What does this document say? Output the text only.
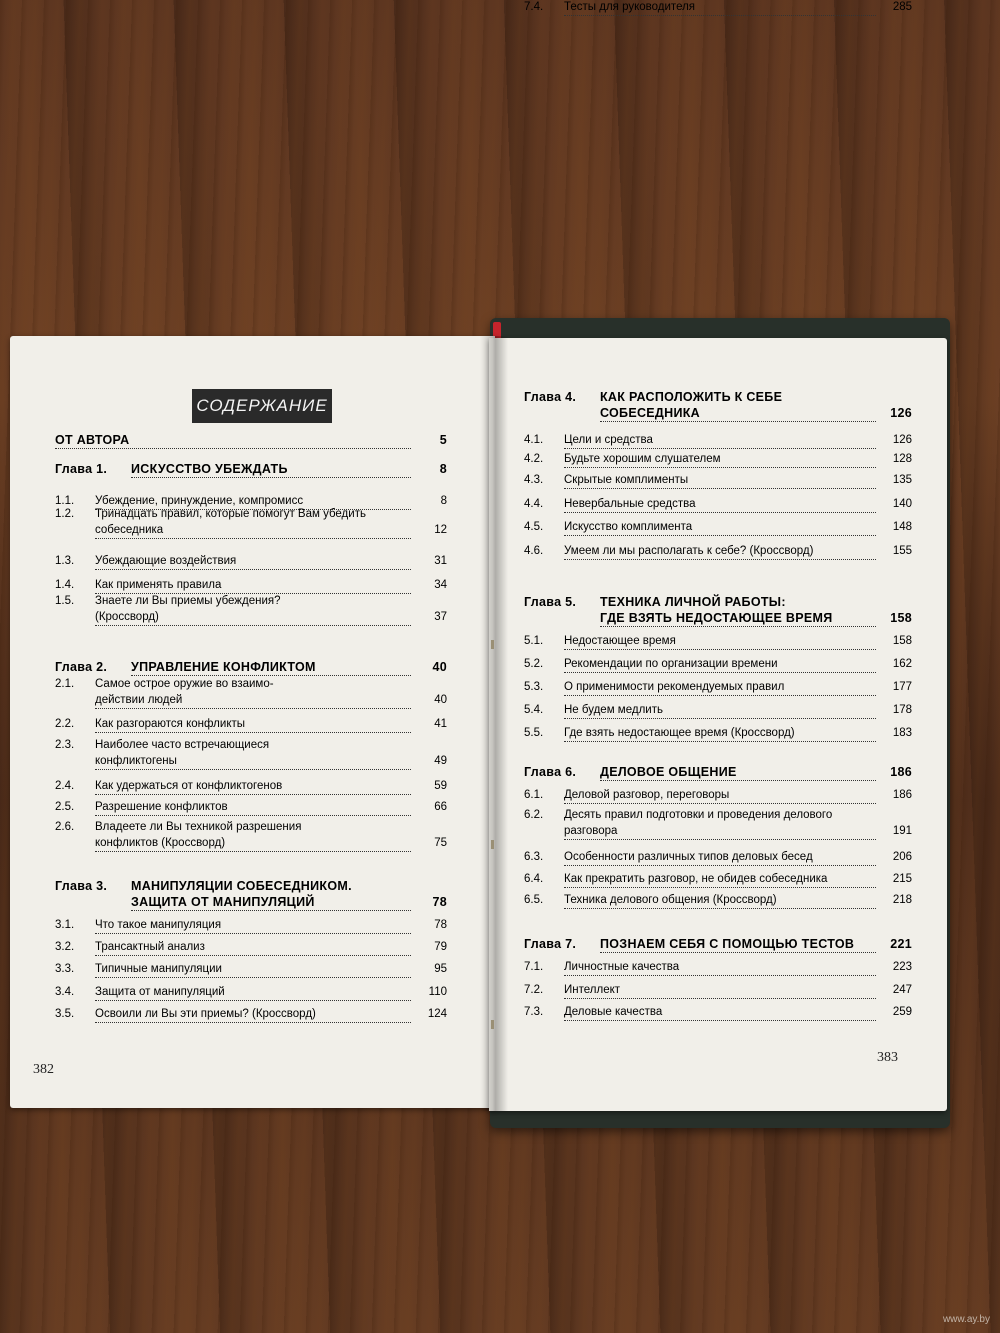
СОДЕРЖАНИЕ
ОТ АВТОРА	5
Глава 1. ИСКУССТВО УБЕЖДАТЬ	8
1.1. Убеждение, принуждение, компромисс	8
1.2. Тринадцать правил, которые помогут Вам убедить
собеседника	12
1.3. Убеждающие воздействия	31
1.4. Как применять правила	34
1.5. Знаете ли Вы приемы убеждения?
(Кроссворд)	37
Глава 2. УПРАВЛЕНИЕ КОНФЛИКТОМ	40
2.1. Самое острое оружие во взаимо-
действии людей	40
2.2. Как разгораются конфликты	41
2.3. Наиболее часто встречающиеся
конфликтогены	49
2.4. Как удержаться от конфликтогенов	59
2.5. Разрешение конфликтов	66
2.6. Владеете ли Вы техникой разрешения
конфликтов (Кроссворд)	75
Глава 3. МАНИПУЛЯЦИИ СОБЕСЕДНИКОМ.
ЗАЩИТА ОТ МАНИПУЛЯЦИЙ	78
3.1. Что такое манипуляция	78
3.2. Трансактный анализ	79
3.3. Типичные манипуляции	95
3.4. Защита от манипуляций	110
3.5. Освоили ли Вы эти приемы? (Кроссворд)	124
Глава 4. КАК РАСПОЛОЖИТЬ К СЕБЕ
СОБЕСЕДНИКА	126
4.1. Цели и средства	126
4.2. Будьте хорошим слушателем	128
4.3. Скрытые комплименты	135
4.4. Невербальные средства	140
4.5. Искусство комплимента	148
4.6. Умеем ли мы располагать к себе? (Кроссворд)	155
Глава 5. ТЕХНИКА ЛИЧНОЙ РАБОТЫ:
ГДЕ ВЗЯТЬ НЕДОСТАЮЩЕЕ ВРЕМЯ	158
5.1. Недостающее время	158
5.2. Рекомендации по организации времени	162
5.3. О применимости рекомендуемых правил	177
5.4. Не будем медлить	178
5.5. Где взять недостающее время (Кроссворд)	183
Глава 6. ДЕЛОВОЕ ОБЩЕНИЕ	186
6.1. Деловой разговор, переговоры	186
6.2. Десять правил подготовки и проведения делового
разговора	191
6.3. Особенности различных типов деловых бесед	206
6.4. Как прекратить разговор, не обидев собеседника	215
6.5. Техника делового общения (Кроссворд)	218
Глава 7. ПОЗНАЕМ СЕБЯ С ПОМОЩЬЮ ТЕСТОВ	221
7.1. Личностные качества	223
7.2. Интеллект	247
7.3. Деловые качества	259
7.4. Тесты для руководителя	285
382
383
www.ay.by
